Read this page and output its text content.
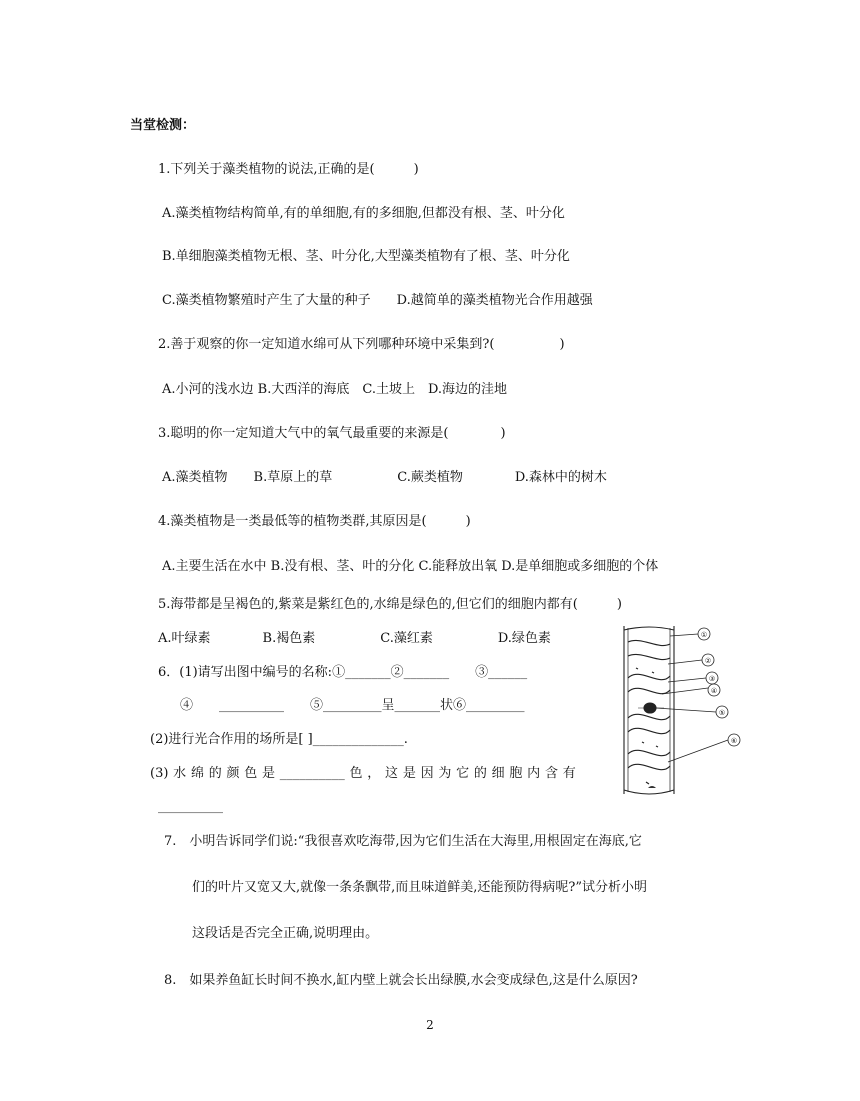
当堂检测：
1.下列关于藻类植物的说法,正确的是(　　　)
A.藻类植物结构简单,有的单细胞,有的多细胞,但都没有根、茎、叶分化
B.单细胞藻类植物无根、茎、叶分化,大型藻类植物有了根、茎、叶分化
C.藻类植物繁殖时产生了大量的种子　　D.越简单的藻类植物光合作用越强
2.善于观察的你一定知道水绵可从下列哪种环境中采集到?(　　　　　)
A.小河的浅水边 B.大西洋的海底　C.土坡上　D.海边的洼地
3.聪明的你一定知道大气中的氧气最重要的来源是(　　　　)
A.藻类植物　　B.草原上的草　　　　　C.蕨类植物　　　　D.森林中的树木
4.藻类植物是一类最低等的植物类群,其原因是(　　　)
A.主要生活在水中 B.没有根、茎、叶的分化 C.能释放出氧 D.是单细胞或多细胞的个体
5.海带都是呈褐色的,紫菜是紫红色的,水绵是绿色的,但它们的细胞内都有(　　　)
A.叶绿素　　　　B.褐色素　　　　　C.藻红素　　　　　D.绿色素
6．(1)请写出图中编号的名称:①_______②_______　　③______
④　　__________　　⑤_________呈_______状⑥_________
(2)进行光合作用的场所是[ ]______________.
(3) 水 绵 的 颜 色 是 __________ 色 ， 这 是 因 为 它 的 细 胞 内 含 有
__________
7.　小明告诉同学们说:“我很喜欢吃海带,因为它们生活在大海里,用根固定在海底,它
们的叶片又宽又大,就像一条条飘带,而且味道鲜美,还能预防得病呢?”试分析小明
这段话是否完全正确,说明理由。
8.　如果养鱼缸长时间不换水,缸内壁上就会长出绿膜,水会变成绿色,这是什么原因?
①
②
③
④
⑤
⑥
2
